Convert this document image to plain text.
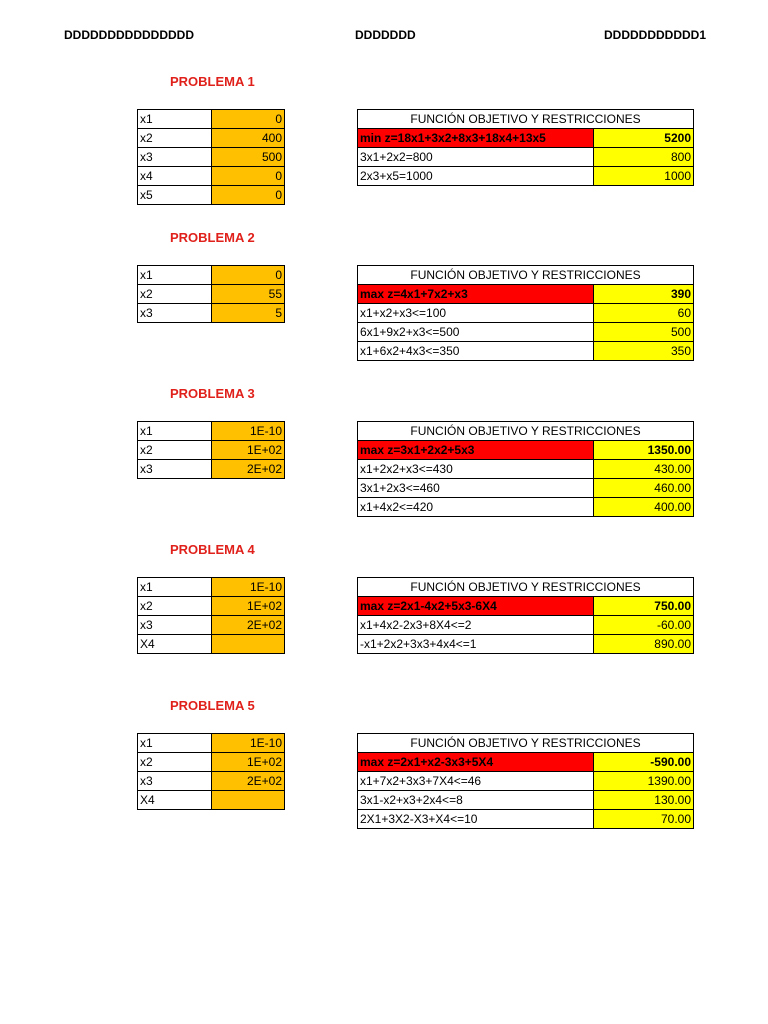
DDDDDDDDDDDDDDD	DDDDDDD	DDDDDDDDDDD1
PROBLEMA 1
x1	0
x2	400
x3	500
x4	0
x5	0
FUNCIÓN OBJETIVO Y RESTRICCIONES	
min z=18x1+3x2+8x3+18x4+13x5	5200
3x1+2x2=800	800
2x3+x5=1000	1000
PROBLEMA 2
x1	0
x2	55
x3	5
FUNCIÓN OBJETIVO Y RESTRICCIONES	
max z=4x1+7x2+x3	390
x1+x2+x3<=100	60
6x1+9x2+x3<=500	500
x1+6x2+4x3<=350	350
PROBLEMA 3
x1	1E-10
x2	1E+02
x3	2E+02
FUNCIÓN OBJETIVO Y RESTRICCIONES	
max z=3x1+2x2+5x3	1350.00
x1+2x2+x3<=430	430.00
3x1+2x3<=460	460.00
x1+4x2<=420	400.00
PROBLEMA 4
x1	1E-10
x2	1E+02
x3	2E+02
X4	
FUNCIÓN OBJETIVO Y RESTRICCIONES	
max z=2x1-4x2+5x3-6X4	750.00
x1+4x2-2x3+8X4<=2	-60.00
-x1+2x2+3x3+4x4<=1	890.00
PROBLEMA 5
x1	1E-10
x2	1E+02
x3	2E+02
X4	
FUNCIÓN OBJETIVO Y RESTRICCIONES	
max z=2x1+x2-3x3+5X4	-590.00
x1+7x2+3x3+7X4<=46	1390.00
3x1-x2+x3+2x4<=8	130.00
2X1+3X2-X3+X4<=10	70.00
